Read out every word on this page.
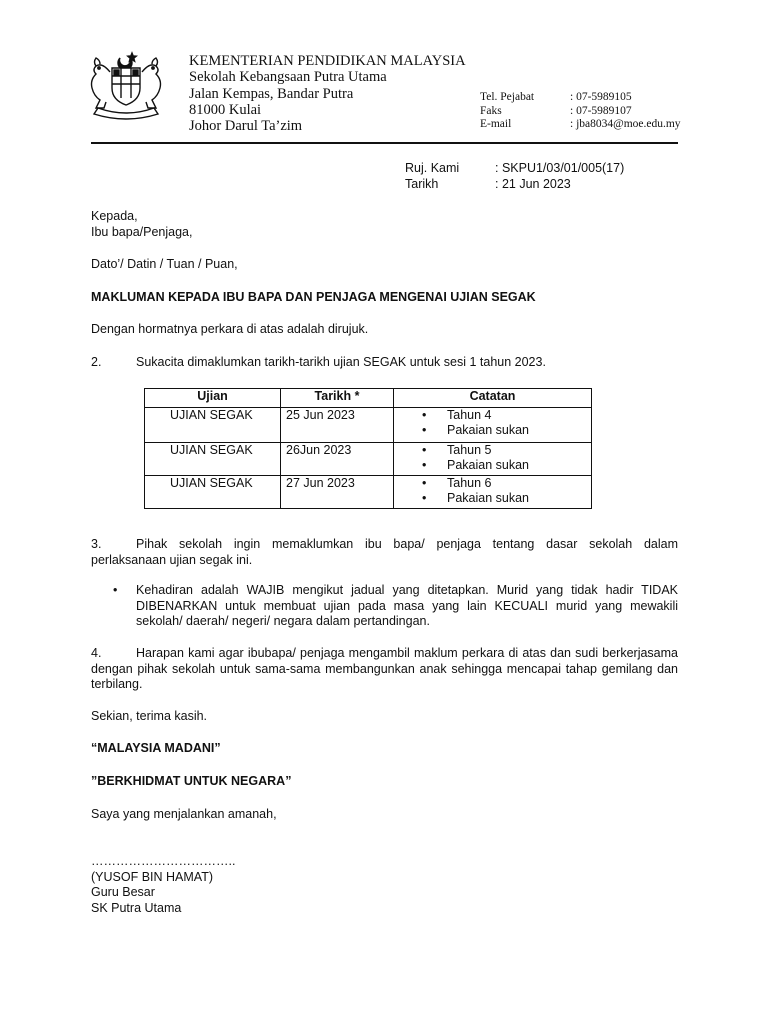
KEMENTERIAN PENDIDIKAN MALAYSIA
Sekolah Kebangsaan Putra Utama
Jalan Kempas, Bandar Putra
81000 Kulai
Johor Darul Ta’zim
Tel. Pejabat	: 07-5989105
Faks	: 07-5989107
E-mail	: jba8034@moe.edu.my
Ruj. Kami	: SKPU1/03/01/005(17)
Tarikh	: 21 Jun 2023
Kepada,
Ibu bapa/Penjaga,
Dato’/ Datin / Tuan / Puan,
MAKLUMAN KEPADA IBU BAPA DAN PENJAGA MENGENAI UJIAN SEGAK
Dengan hormatnya perkara di atas adalah dirujuk.
2.	Sukacita dimaklumkan tarikh-tarikh ujian SEGAK untuk sesi 1 tahun 2023.
Ujian	Tarikh *	Catatan
UJIAN SEGAK	25 Jun 2023	• Tahun 4
• Pakaian sukan

UJIAN SEGAK	26Jun 2023	• Tahun 5
• Pakaian sukan

UJIAN SEGAK	27 Jun 2023	• Tahun 6
• Pakaian sukan
3.	Pihak sekolah ingin memaklumkan ibu bapa/ penjaga tentang dasar sekolah dalam
perlaksanaan ujian segak ini.
•	Kehadiran adalah WAJIB mengikut jadual yang ditetapkan. Murid yang tidak hadir TIDAK
DIBENARKAN untuk membuat ujian pada masa yang lain KECUALI murid yang mewakili
sekolah/ daerah/ negeri/ negara dalam pertandingan.
4.	Harapan kami agar ibubapa/ penjaga mengambil maklum perkara di atas dan sudi berkerjasama
dengan pihak sekolah untuk sama-sama membangunkan anak sehingga mencapai tahap gemilang dan
terbilang.
Sekian, terima kasih.
“MALAYSIA MADANI”
”BERKHIDMAT UNTUK NEGARA”
Saya yang menjalankan amanah,
……………………………..
(YUSOF BIN HAMAT)
Guru Besar
SK Putra Utama
